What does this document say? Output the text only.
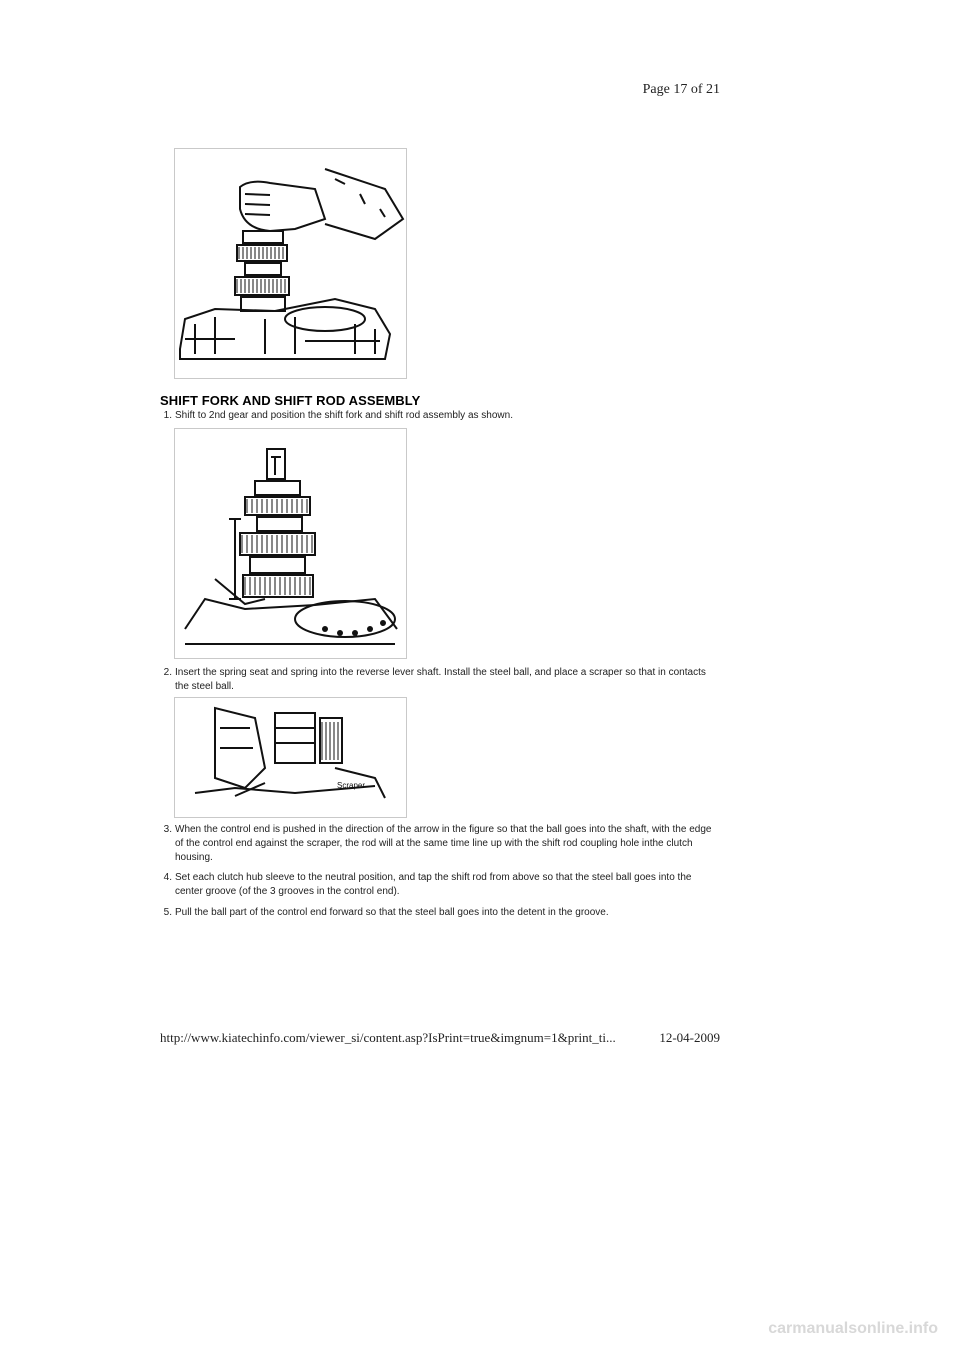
Page 17 of 21
SHIFT FORK AND SHIFT ROD ASSEMBLY
1. Shift to 2nd gear and position the shift fork and shift rod assembly as shown.
2. Insert the spring seat and spring into the reverse lever shaft. Install the steel ball, and place a scraper so that in contacts the steel ball.
Scraper
3. When the control end is pushed in the direction of the arrow in the figure so that the ball goes into the shaft, with the edge of the control end against the scraper, the rod will at the same time line up with the shift rod coupling hole inthe clutch housing.
4. Set each clutch hub sleeve to the neutral position, and tap the shift rod from above so that the steel ball goes into the center groove (of the 3 grooves in the control end).
5. Pull the ball part of the control end forward so that the steel ball goes into the detent in the groove.
http://www.kiatechinfo.com/viewer_si/content.asp?IsPrint=true&imgnum=1&print_ti...	12-04-2009
carmanualsonline.info
